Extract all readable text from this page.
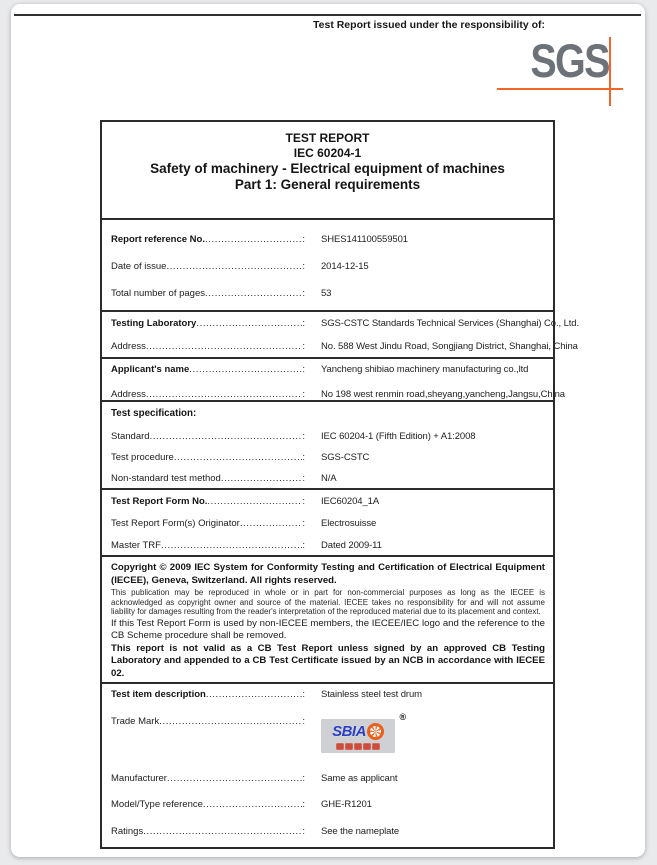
Test Report issued under the responsibility of:
SGS
TEST REPORT
IEC 60204-1
Safety of machinery - Electrical equipment of machines
Part 1: General requirements
Report reference No. .....	:	SHES141100559501
Date of issue .....	:	2014-12-15
Total number of pages .....	:	53
Testing Laboratory .....	:	SGS-CSTC Standards Technical Services (Shanghai) Co., Ltd.
Address .....	:	No. 588 West Jindu Road, Songjiang District, Shanghai, China
Applicant's name .....	:	Yancheng shibiao machinery manufacturing co.,ltd
Address .....	:	No 198 west renmin road,sheyang,yancheng,Jangsu,China
Test specification:
Standard .....	:	IEC 60204-1 (Fifth Edition) + A1:2008
Test procedure .....	:	SGS-CSTC
Non-standard test method .....	:	N/A
Test Report Form No. .....	:	IEC60204_1A
Test Report Form(s) Originator .....	:	Electrosuisse
Master TRF .....	:	Dated 2009-11
Copyright © 2009 IEC System for Conformity Testing and Certification of Electrical Equipment (IECEE), Geneva, Switzerland. All rights reserved.
This publication may be reproduced in whole or in part for non-commercial purposes as long as the IECEE is acknowledged as copyright owner and source of the material. IECEE takes no responsibility for and will not assume liability for damages resulting from the reader's interpretation of the reproduced material due to its placement and context.
If this Test Report Form is used by non-IECEE members, the IECEE/IEC logo and the reference to the CB Scheme procedure shall be removed.
This report is not valid as a CB Test Report unless signed by an approved CB Testing Laboratory and appended to a CB Test Certificate issued by an NCB in accordance with IECEE 02.
Test item description .....	:	Stainless steel test drum
Trade Mark .....	:	®
SBIA
Manufacturer .....	:	Same as applicant
Model/Type reference .....	:	GHE-R1201
Ratings .....	:	See the nameplate
